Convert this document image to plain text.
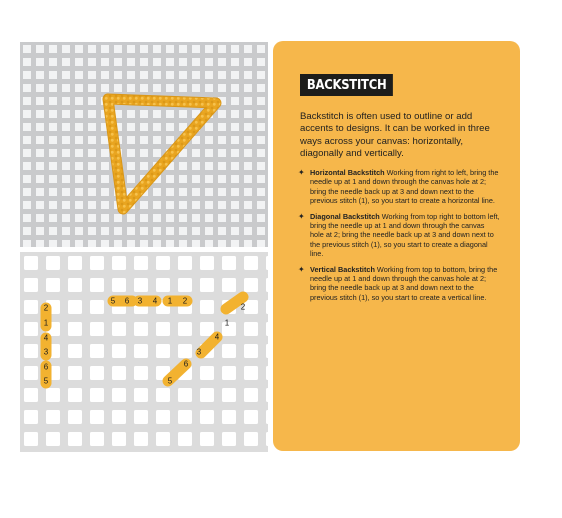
5 6 3 4 1 2
2
1
4
3
6
5
2
1
4
3
6
5
BACKSTITCH

Backstitch is often used to outline or add accents to designs. It can be worked in three ways across your canvas: horizontally, diagonally and vertically.

✦ Horizontal Backstitch Working from right to left, bring the needle up at 1 and down through the canvas hole at 2; bring the needle back up at 3 and down next to the previous stitch (1), so you start to create a horizontal line.
✦ Diagonal Backstitch Working from top right to bottom left, bring the needle up at 1 and down through the canvas hole at 2; bring the needle back up at 3 and down next to the previous stitch (1), so you start to create a diagonal line.
✦ Vertical Backstitch Working from top to bottom, bring the needle up at 1 and down through the canvas hole at 2; bring the needle back up at 3 and down next to the previous stitch (1), so you start to create a vertical line.
